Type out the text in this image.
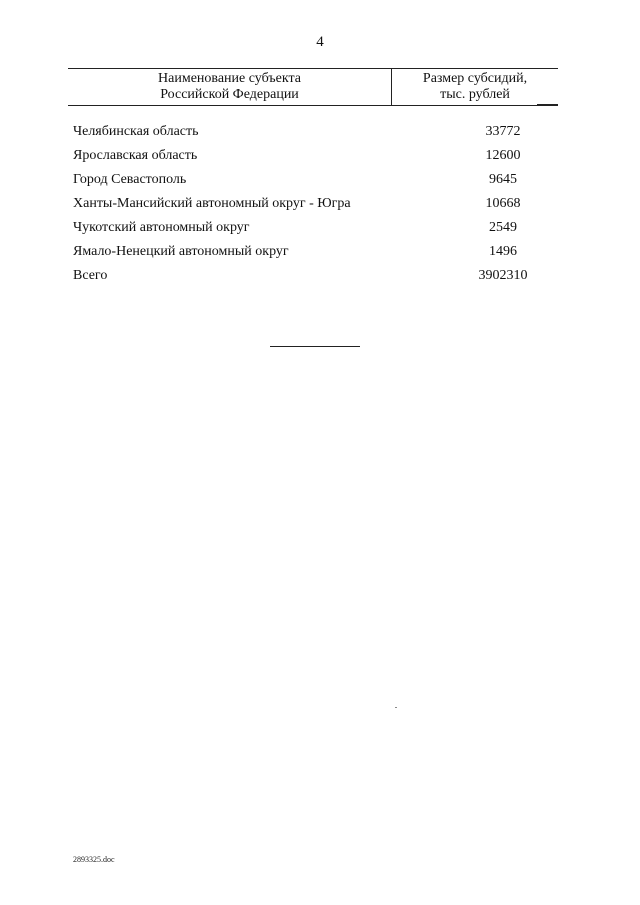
4
Наименование субъекта
Российской Федерации
Размер субсидий,
тыс. рублей
Челябинская область	33772
Ярославская область	12600
Город Севастополь	9645
Ханты-Мансийский автономный округ - Югра	10668
Чукотский автономный округ	2549
Ямало-Ненецкий автономный округ	1496
Всего	3902310
2893325.doc
